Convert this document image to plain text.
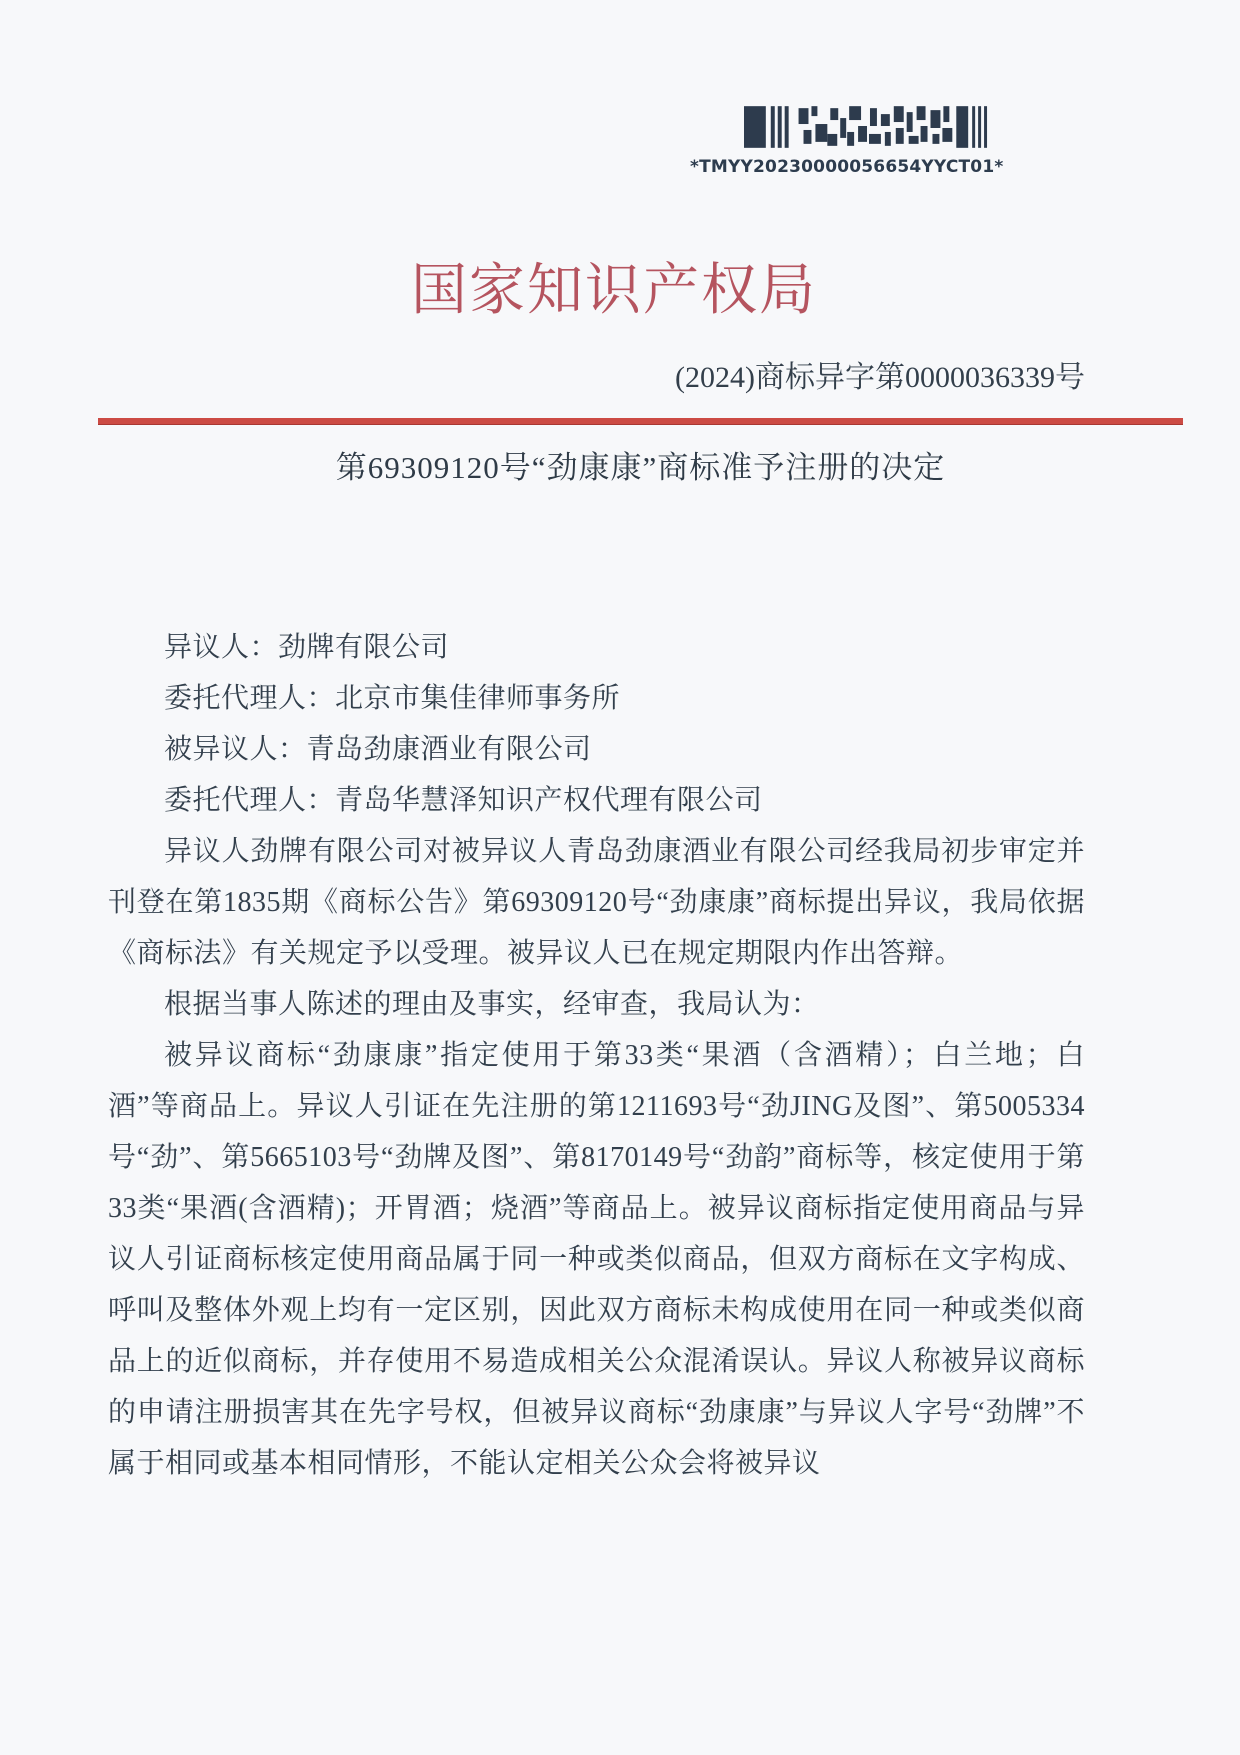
*TMYY20230000056654YYCT01*
国家知识产权局
(2024)商标异字第0000036339号
第69309120号“劲康康”商标准予注册的决定

异议人：劲牌有限公司

委托代理人：北京市集佳律师事务所

被异议人：青岛劲康酒业有限公司

委托代理人：青岛华慧泽知识产权代理有限公司

异议人劲牌有限公司对被异议人青岛劲康酒业有限公司经我局初步审定并刊登在第1835期《商标公告》第69309120号“劲康康”商标提出异议，我局依据《商标法》有关规定予以受理。被异议人已在规定期限内作出答辩。

根据当事人陈述的理由及事实，经审查，我局认为：

被异议商标“劲康康”指定使用于第33类“果酒（含酒精）；白兰地；白酒”等商品上。异议人引证在先注册的第1211693号“劲JING及图”、第5005334号“劲”、第5665103号“劲牌及图”、第8170149号“劲韵”商标等，核定使用于第33类“果酒(含酒精)；开胃酒；烧酒”等商品上。被异议商标指定使用商品与异议人引证商标核定使用商品属于同一种或类似商品，但双方商标在文字构成、呼叫及整体外观上均有一定区别，因此双方商标未构成使用在同一种或类似商品上的近似商标，并存使用不易造成相关公众混淆误认。异议人称被异议商标的申请注册损害其在先字号权，但被异议商标“劲康康”与异议人字号“劲牌”不属于相同或基本相同情形，不能认定相关公众会将被异议
